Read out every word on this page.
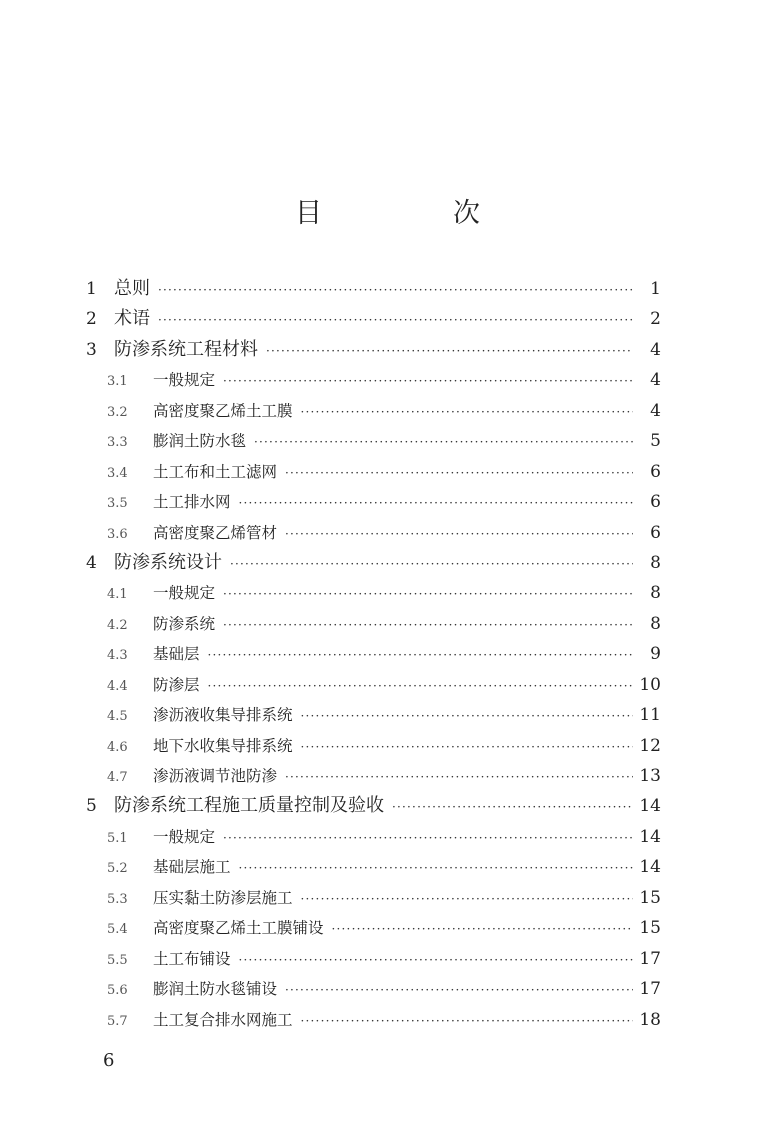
目　次
1 总则 ·····	1
2 术语 ·····	2
3 防渗系统工程材料 ·····	4
3.1	一般规定 ·····	4
3.2	高密度聚乙烯土工膜 ·····	4
3.3	膨润土防水毯 ·····	5
3.4	土工布和土工滤网 ·····	6
3.5	土工排水网 ·····	6
3.6	高密度聚乙烯管材 ·····	6
4 防渗系统设计 ·····	8
4.1	一般规定 ·····	8
4.2	防渗系统 ·····	8
4.3	基础层 ·····	9
4.4	防渗层 ·····	10
4.5	渗沥液收集导排系统 ·····	11
4.6	地下水收集导排系统 ·····	12
4.7	渗沥液调节池防渗 ·····	13
5 防渗系统工程施工质量控制及验收 ·····	14
5.1	一般规定 ·····	14
5.2	基础层施工 ·····	14
5.3	压实黏土防渗层施工 ·····	15
5.4	高密度聚乙烯土工膜铺设 ·····	15
5.5	土工布铺设 ·····	17
5.6	膨润土防水毯铺设 ·····	17
5.7	土工复合排水网施工 ·····	18
6
